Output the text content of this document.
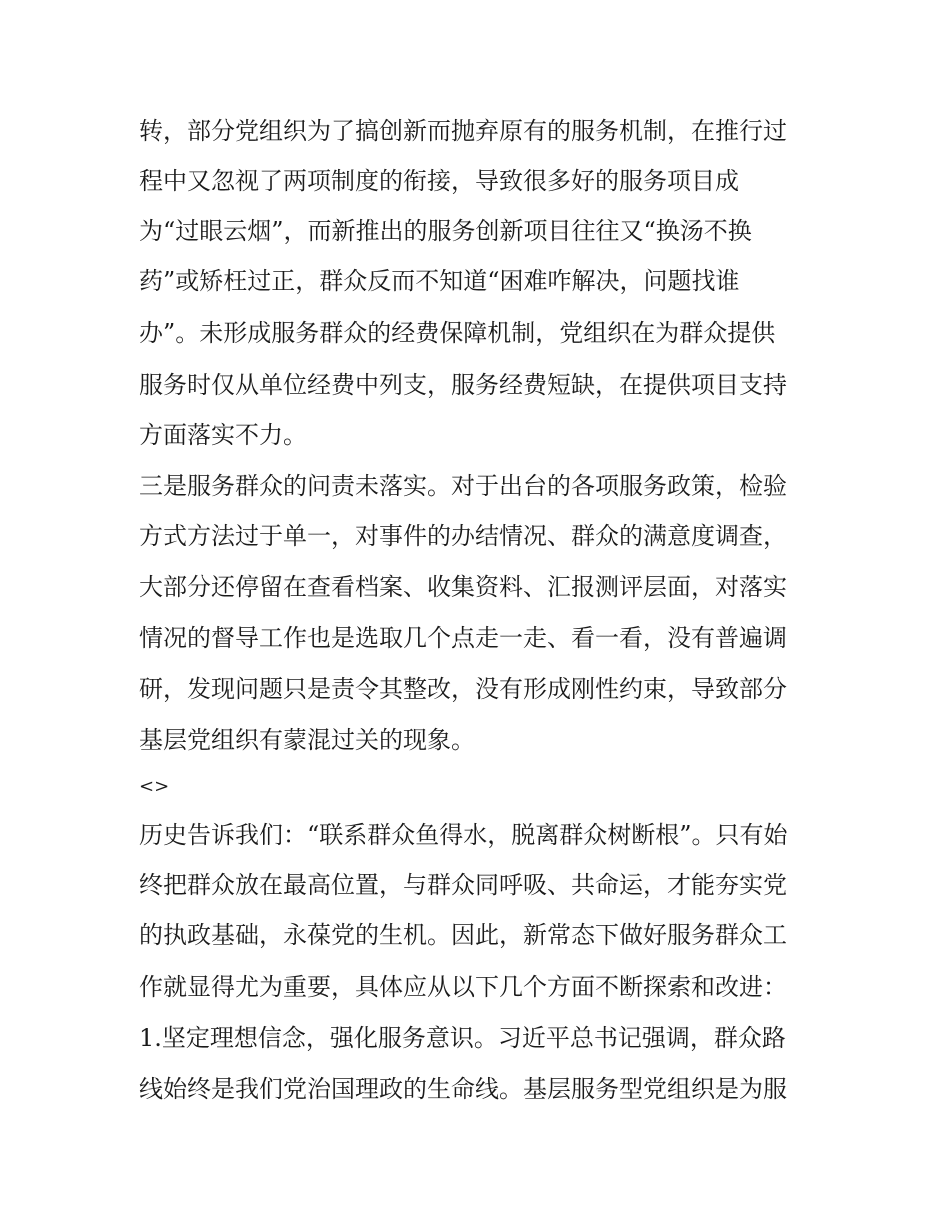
转，部分党组织为了搞创新而抛弃原有的服务机制，在推行过
程中又忽视了两项制度的衔接，导致很多好的服务项目成
为“过眼云烟”，而新推出的服务创新项目往往又“换汤不换
药”或矫枉过正，群众反而不知道“困难咋解决，问题找谁
办”。未形成服务群众的经费保障机制，党组织在为群众提供
服务时仅从单位经费中列支，服务经费短缺，在提供项目支持
方面落实不力。
三是服务群众的问责未落实。对于出台的各项服务政策，检验
方式方法过于单一，对事件的办结情况、群众的满意度调查，
大部分还停留在查看档案、收集资料、汇报测评层面，对落实
情况的督导工作也是选取几个点走一走、看一看，没有普遍调
研，发现问题只是责令其整改，没有形成刚性约束，导致部分
基层党组织有蒙混过关的现象。
<>
历史告诉我们：“联系群众鱼得水，脱离群众树断根”。只有始
终把群众放在最高位置，与群众同呼吸、共命运，才能夯实党
的执政基础，永葆党的生机。因此，新常态下做好服务群众工
作就显得尤为重要，具体应从以下几个方面不断探索和改进：
1.坚定理想信念，强化服务意识。习近平总书记强调，群众路
线始终是我们党治国理政的生命线。基层服务型党组织是为服
